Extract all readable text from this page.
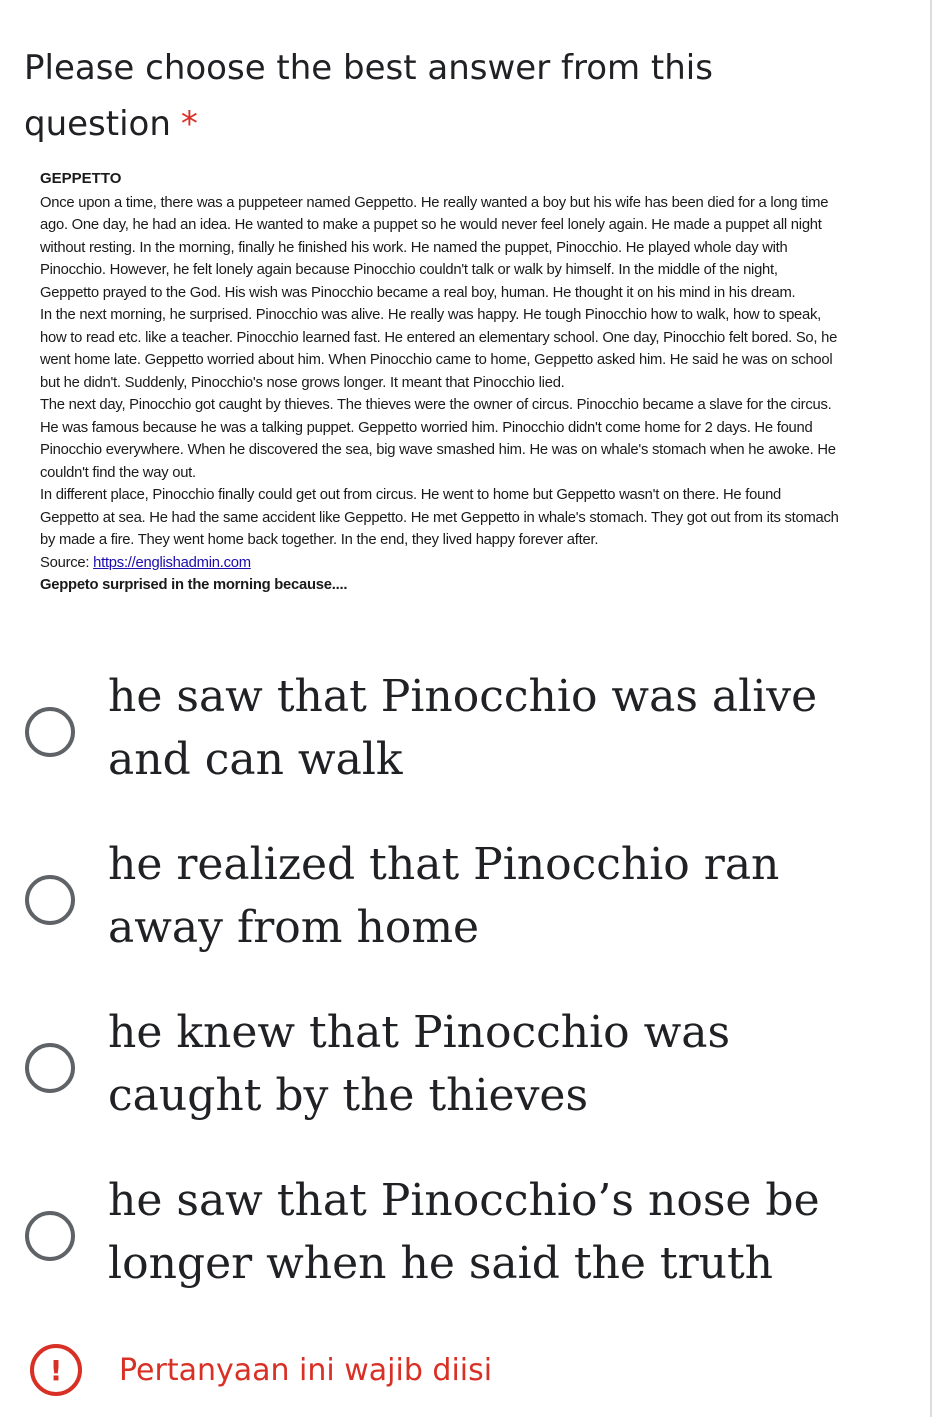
Please choose the best answer from this question *
GEPPETTO

Once upon a time, there was a puppeteer named Geppetto. He really wanted a boy but his wife has been died for a long time ago. One day, he had an idea. He wanted to make a puppet so he would never feel lonely again. He made a puppet all night without resting. In the morning, finally he finished his work. He named the puppet, Pinocchio. He played whole day with Pinocchio. However, he felt lonely again because Pinocchio couldn't talk or walk by himself. In the middle of the night, Geppetto prayed to the God. His wish was Pinocchio became a real boy, human. He thought it on his mind in his dream.

In the next morning, he surprised. Pinocchio was alive. He really was happy. He tough Pinocchio how to walk, how to speak, how to read etc. like a teacher. Pinocchio learned fast. He entered an elementary school. One day, Pinocchio felt bored. So, he went home late. Geppetto worried about him. When Pinocchio came to home, Geppetto asked him. He said he was on school but he didn't. Suddenly, Pinocchio's nose grows longer. It meant that Pinocchio lied.

The next day, Pinocchio got caught by thieves. The thieves were the owner of circus. Pinocchio became a slave for the circus. He was famous because he was a talking puppet. Geppetto worried him. Pinocchio didn't come home for 2 days. He found Pinocchio everywhere. When he discovered the sea, big wave smashed him. He was on whale's stomach when he awoke. He couldn't find the way out.

In different place, Pinocchio finally could get out from circus. He went to home but Geppetto wasn't on there. He found Geppetto at sea. He had the same accident like Geppetto. He met Geppetto in whale's stomach. They got out from its stomach by made a fire. They went home back together. In the end, they lived happy forever after.

Source: https://englishadmin.com

Geppeto surprised in the morning because....

he saw that Pinocchio was alive and can walk
he realized that Pinocchio ran away from home
he knew that Pinocchio was caught by the thieves
he saw that Pinocchio’s nose be longer when he said the truth
!	Pertanyaan ini wajib diisi
